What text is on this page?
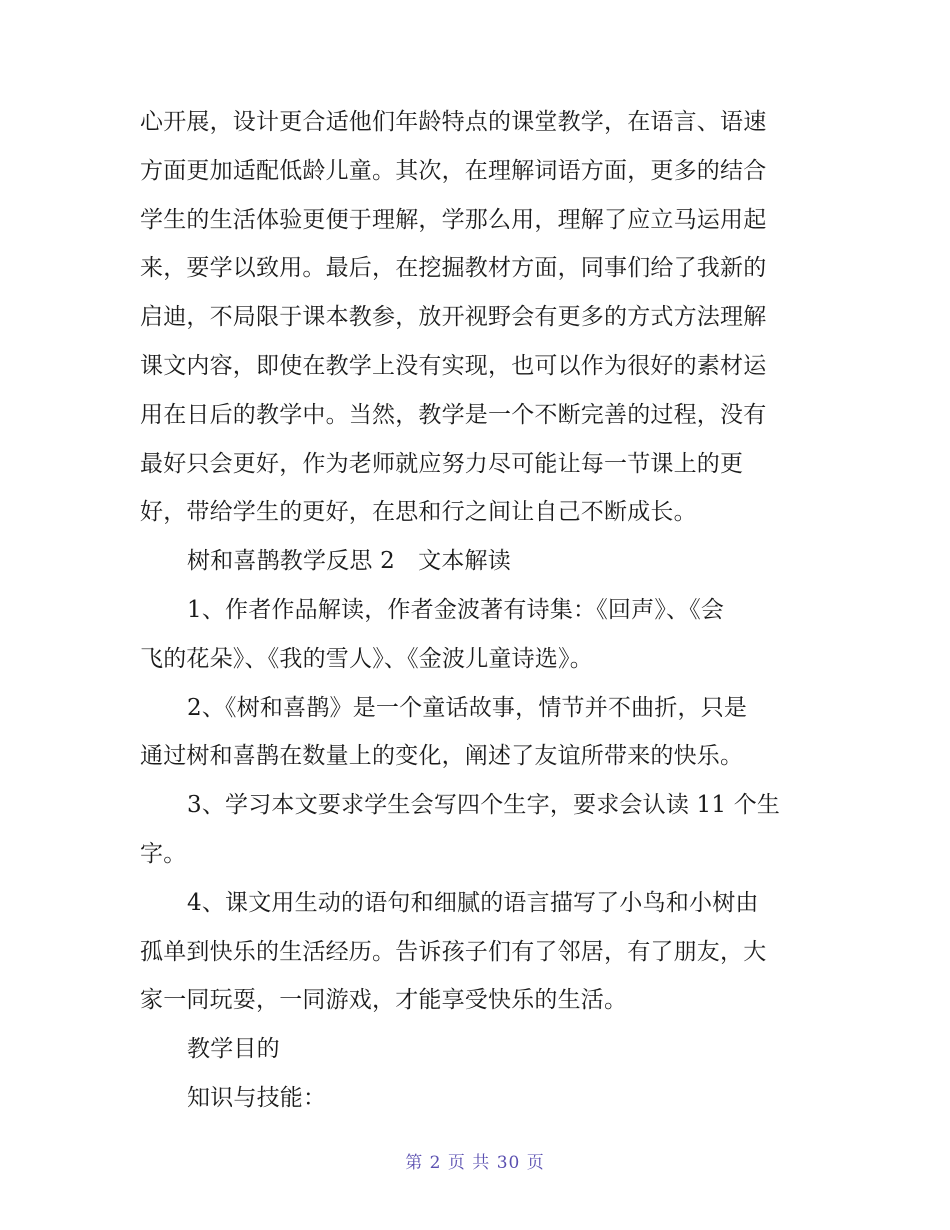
心开展，设计更合适他们年龄特点的课堂教学，在语言、语速
方面更加适配低龄儿童。其次，在理解词语方面，更多的结合
学生的生活体验更便于理解，学那么用，理解了应立马运用起
来，要学以致用。最后，在挖掘教材方面，同事们给了我新的
启迪，不局限于课本教参，放开视野会有更多的方式方法理解
课文内容，即使在教学上没有实现，也可以作为很好的素材运
用在日后的教学中。当然，教学是一个不断完善的过程，没有
最好只会更好，作为老师就应努力尽可能让每一节课上的更
好，带给学生的更好，在思和行之间让自己不断成长。
树和喜鹊教学反思 2　文本解读
1、作者作品解读，作者金波著有诗集：《回声》、《会
飞的花朵》、《我的雪人》、《金波儿童诗选》。
2、《树和喜鹊》是一个童话故事，情节并不曲折，只是
通过树和喜鹊在数量上的变化，阐述了友谊所带来的快乐。
3、学习本文要求学生会写四个生字，要求会认读 11 个生
字。
4、课文用生动的语句和细腻的语言描写了小鸟和小树由
孤单到快乐的生活经历。告诉孩子们有了邻居，有了朋友，大
家一同玩耍，一同游戏，才能享受快乐的生活。
教学目的
知识与技能：
第 2 页 共 30 页
